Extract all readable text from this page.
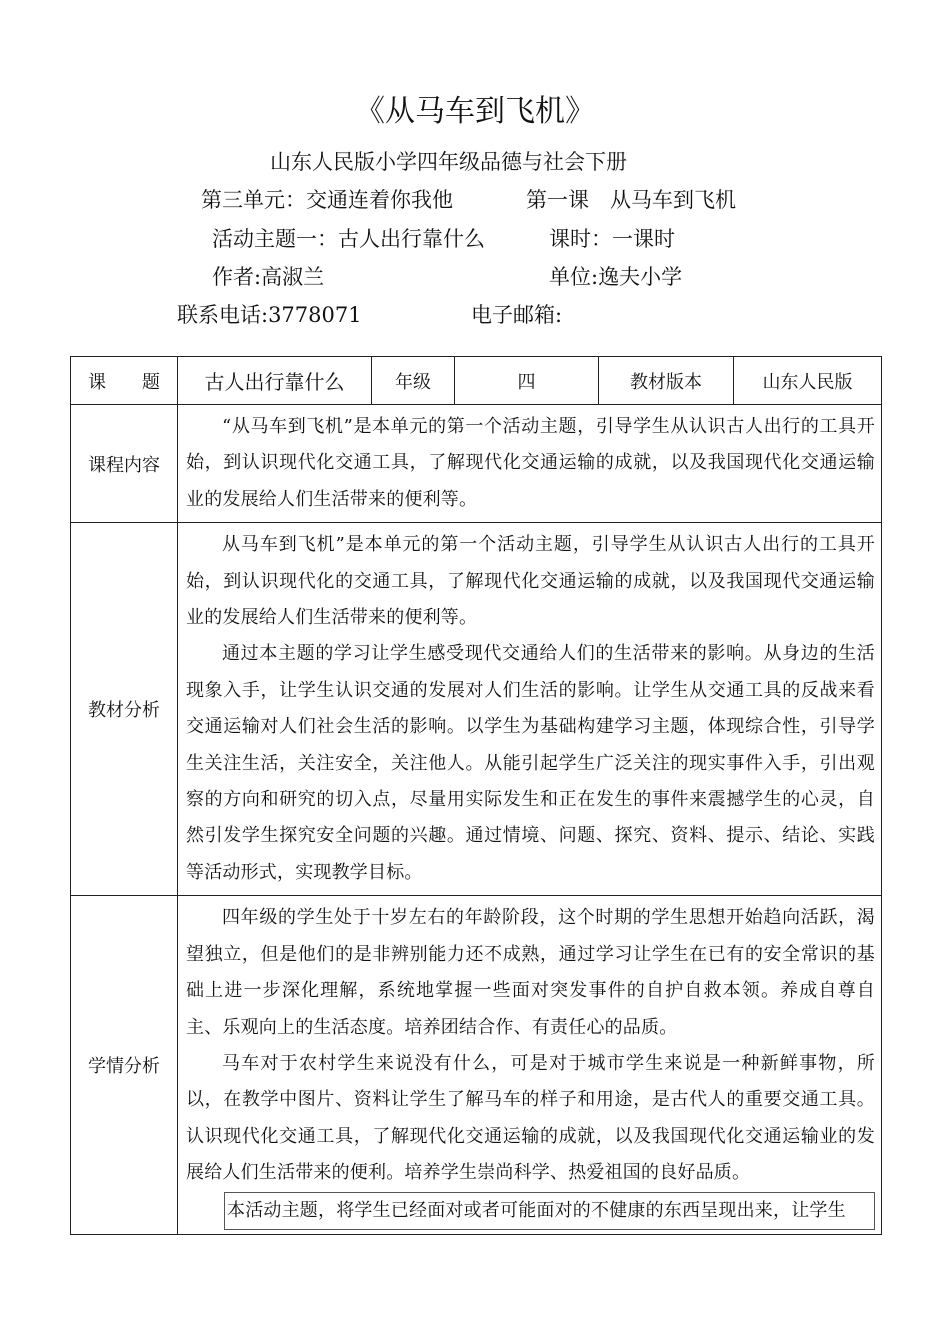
《从马车到飞机》
山东人民版小学四年级品德与社会下册
第三单元：交通连着你我他	第一课　从马车到飞机
活动主题一：古人出行靠什么	课时：一课时
作者:高淑兰	单位:逸夫小学
联系电话:3778071	电子邮箱:
课　　题	古人出行靠什么	年级	四	教材版本	山东人民版
课程内容	“从马车到飞机”是本单元的第一个活动主题，引导学生从认识古人出行的工具开始，到认识现代化交通工具，了解现代化交通运输的成就，以及我国现代化交通运输业的发展给人们生活带来的便利等。				

教材分析	从马车到飞机”是本单元的第一个活动主题，引导学生从认识古人出行的工具开始，到认识现代化的交通工具，了解现代化交通运输的成就，以及我国现代交通运输业的发展给人们生活带来的便利等。

通过本主题的学习让学生感受现代交通给人们的生活带来的影响。从身边的生活现象入手，让学生认识交通的发展对人们生活的影响。让学生从交通工具的反战来看交通运输对人们社会生活的影响。以学生为基础构建学习主题，体现综合性，引导学生关注生活，关注安全，关注他人。从能引起学生广泛关注的现实事件入手，引出观察的方向和研究的切入点，尽量用实际发生和正在发生的事件来震撼学生的心灵，自然引发学生探究安全问题的兴趣。通过情境、问题、探究、资料、提示、结论、实践等活动形式，实现教学目标。				

学情分析	四年级的学生处于十岁左右的年龄阶段，这个时期的学生思想开始趋向活跃，渴望独立，但是他们的是非辨别能力还不成熟，通过学习让学生在已有的安全常识的基础上进一步深化理解，系统地掌握一些面对突发事件的自护自救本领。养成自尊自主、乐观向上的生活态度。培养团结合作、有责任心的品质。

马车对于农村学生来说没有什么，可是对于城市学生来说是一种新鲜事物，所以，在教学中图片、资料让学生了解马车的样子和用途，是古代人的重要交通工具。认识现代化交通工具，了解现代化交通运输的成就，以及我国现代化交通运输业的发展给人们生活带来的便利。培养学生崇尚科学、热爱祖国的良好品质。

本活动主题，将学生已经面对或者可能面对的不健康的东西呈现出来，让学生				
